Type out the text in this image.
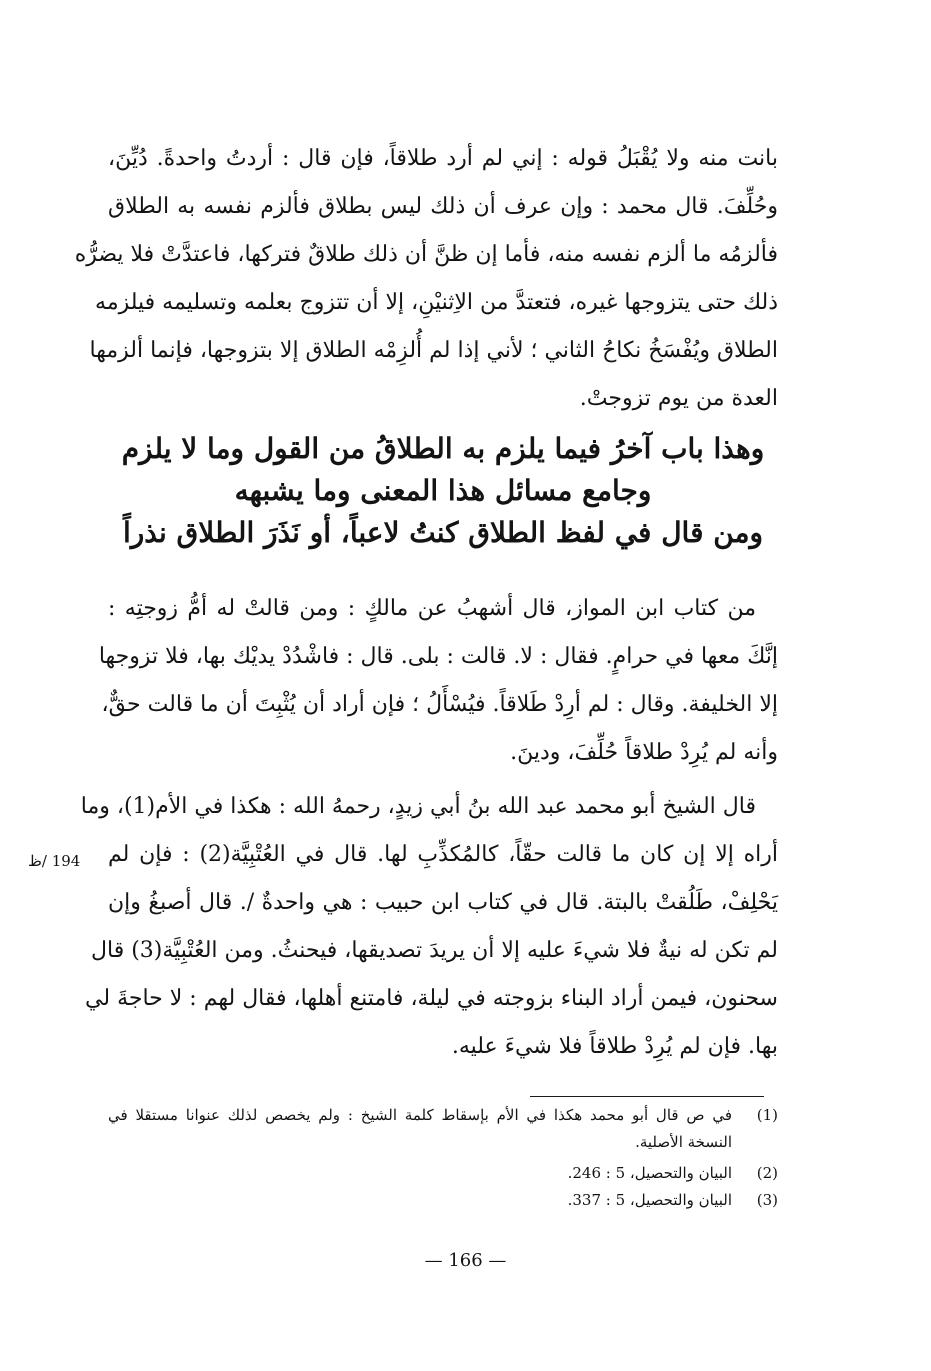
بانت منه ولا يُقْبَلُ قوله : إني لم أرد طلاقاً، فإن قال : أردتُ واحدةً. دُيِّنَ،
وحُلِّفَ. قال محمد : وإن عرف أن ذلك ليس بطلاق فألزم نفسه به الطلاق
فألزمُه ما ألزم نفسه منه، فأما إن ظنَّ أن ذلك طلاقٌ فتركها، فاعتدَّتْ فلا يضرُّه
ذلك حتى يتزوجها غيره، فتعتدَّ من الاِثنيْنِ، إلا أن تتزوج بعلمه وتسليمه فيلزمه
الطلاق ويُفْسَخُ نكاحُ الثاني ؛ لأني إذا لم أُلزِمْه الطلاق إلا بتزوجها، فإنما ألزمها
العدة من يوم تزوجتْ.
وهذا باب آخرُ فيما يلزم به الطلاقُ من القول وما لا يلزم
وجامع مسائل هذا المعنى وما يشبهه
ومن قال في لفظ الطلاق كنتُ لاعباً، أو نَذَرَ الطلاق نذراً
من كتاب ابن المواز، قال أشهبُ عن مالكٍ : ومن قالتْ له أمُّ زوجتِه :
إنَّكَ معها في حرامٍ. فقال : لا. قالت : بلى. قال : فاشْدُدْ يديْك بها، فلا تزوجها
إلا الخليفة. وقال : لم أرِدْ طَلاقاً. فيُسْأَلُ ؛ فإن أراد أن يُثْبِتَ أن ما قالت حقٌّ،
وأنه لم يُرِدْ طلاقاً حُلِّفَ، ودينَ.
قال الشيخ أبو محمد عبد الله بنُ أبي زيدٍ، رحمهُ الله : هكذا في الأم(1)، وما
أراه إلا إن كان ما قالت حقّاً، كالمُكذِّبِ لها. قال في العُتْبِيَّة(2) : فإن لم
يَحْلِفْ، طَلُقتْ بالبتة. قال في كتاب ابن حبيب : هي واحدةٌ /. قال أصبغُ وإن
لم تكن له نيةٌ فلا شيءَ عليه إلا أن يريدَ تصديقها، فيحنثُ. ومن العُتْبِيَّة(3) قال
سحنون، فيمن أراد البناء بزوجته في ليلة، فامتنع أهلها، فقال لهم : لا حاجةَ لي
بها. فإن لم يُرِدْ طلاقاً فلا شيءَ عليه.
194 /ظ
(1)
في ص قال أبو محمد هكذا في الأم بإسقاط كلمة الشيخ : ولم يخصص لذلك عنوانا مستقلا في
النسخة الأصلية.
(2)
البيان والتحصيل، 5 : 246.
(3)
البيان والتحصيل، 5 : 337.
— 166 —
